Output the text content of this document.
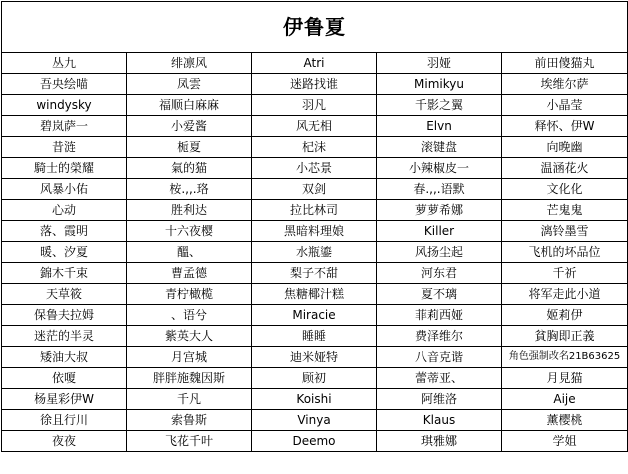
伊鲁夏				
丛九	绯凛风	Atri	羽娅	前田傻猫丸
吾央绘喵	凤雲	迷路找谁	Mimikyu	埃维尔萨
windysky	福顺白麻麻	羽凡	千影之翼	小晶莹
碧岚萨一	小爱酱	风无相	Elvn	释怀、伊W
昔涟	栀夏	杞沫	滚键盘	向晚幽
騎士的榮耀	氣的猫	小芯景	小辣椒皮一	温涵花火
风暴小佑	桉.,,.珞	双剑	春.,,.语默	文化化
心动	胜利达	拉比林司	萝萝希娜	芒鬼鬼
落、霞明	十六夜樱	黑暗料理娘	Killer	漓铃墨雪
暖、汐夏	醞、	水瓶鎏	风扬尘起	飞机的坏品位
錦木千束	曹孟德	梨子不甜	河东君	千祈
天草筱	青柠橄榄	焦糖椰汁糕	夏不璃	将军走此小道
保鲁夫拉姆	、语兮	Miracie	菲莉西娅	姬莉伊
迷茫的半灵	紫英大人	睡睡	费泽维尔	貧胸即正義
矮油大叔	月宫城	迪米娅特	八音克谐	角色强制改名21B63625
依嗄	胖胖施魏因斯	顾初	蕾蒂亚、	月見猫
杨星彩伊W	千凡	Koishi	阿维洛	Aije
徐且行川	索鲁斯	Vinya	Klaus	薰樱桃
夜夜	飞花千叶	Deemo	琪雅娜	学姐
